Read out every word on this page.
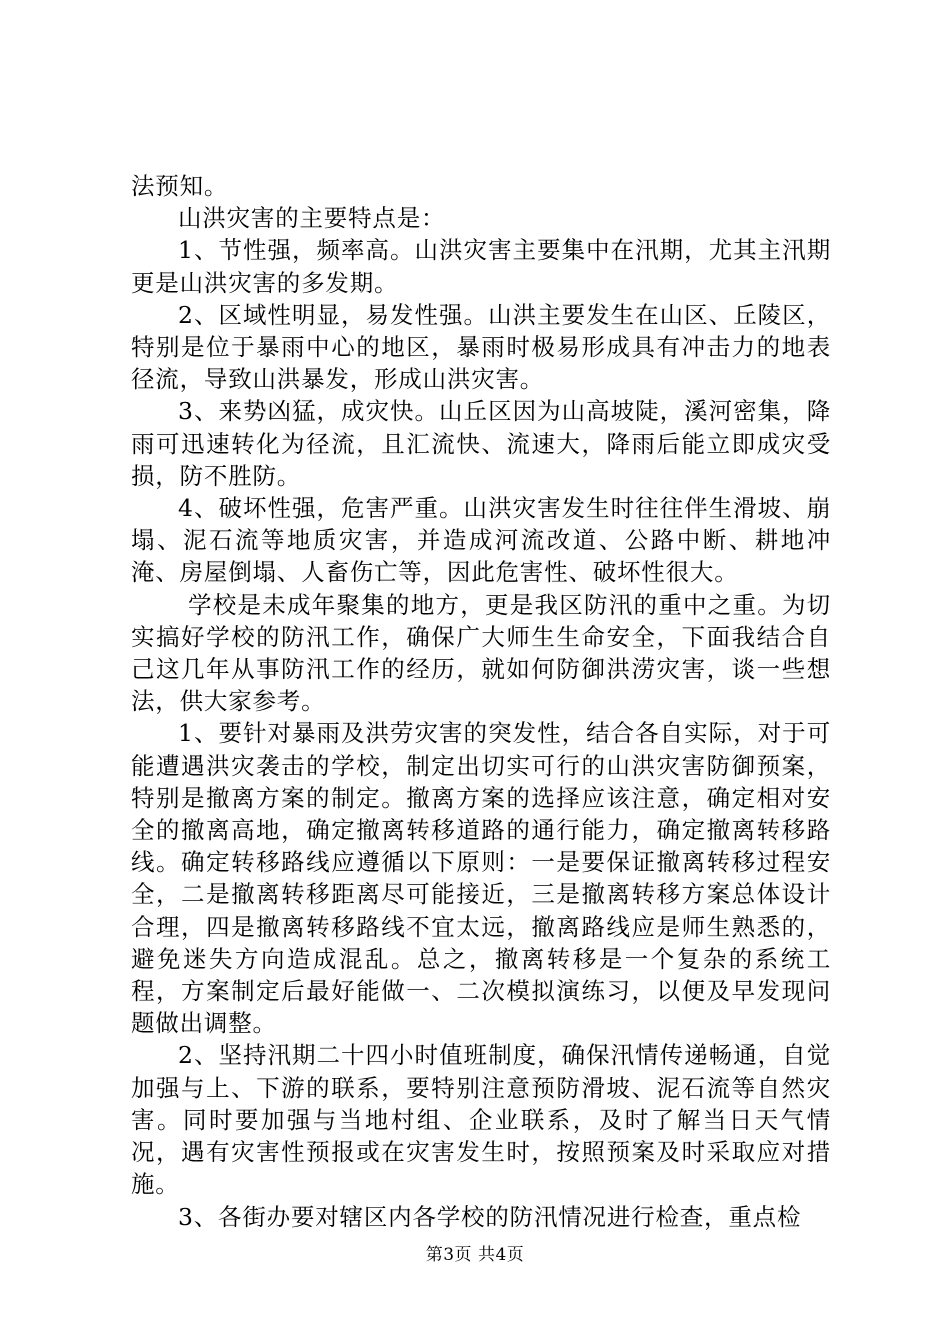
法预知。

山洪灾害的主要特点是：

1、节性强，频率高。山洪灾害主要集中在汛期，尤其主汛期更是山洪灾害的多发期。

2、区域性明显，易发性强。山洪主要发生在山区、丘陵区，特别是位于暴雨中心的地区，暴雨时极易形成具有冲击力的地表径流，导致山洪暴发，形成山洪灾害。

3、来势凶猛，成灾快。山丘区因为山高坡陡，溪河密集，降雨可迅速转化为径流，且汇流快、流速大，降雨后能立即成灾受损，防不胜防。

4、破坏性强，危害严重。山洪灾害发生时往往伴生滑坡、崩塌、泥石流等地质灾害，并造成河流改道、公路中断、耕地冲淹、房屋倒塌、人畜伤亡等，因此危害性、破坏性很大。

学校是未成年聚集的地方，更是我区防汛的重中之重。为切实搞好学校的防汛工作，确保广大师生生命安全，下面我结合自己这几年从事防汛工作的经历，就如何防御洪涝灾害，谈一些想法，供大家参考。

1、要针对暴雨及洪劳灾害的突发性，结合各自实际，对于可能遭遇洪灾袭击的学校，制定出切实可行的山洪灾害防御预案，特别是撤离方案的制定。撤离方案的选择应该注意，确定相对安全的撤离高地，确定撤离转移道路的通行能力，确定撤离转移路线。确定转移路线应遵循以下原则：一是要保证撤离转移过程安全，二是撤离转移距离尽可能接近，三是撤离转移方案总体设计合理，四是撤离转移路线不宜太远，撤离路线应是师生熟悉的，避免迷失方向造成混乱。总之，撤离转移是一个复杂的系统工程，方案制定后最好能做一、二次模拟演练习，以便及早发现问题做出调整。

2、坚持汛期二十四小时值班制度，确保汛情传递畅通，自觉加强与上、下游的联系，要特别注意预防滑坡、泥石流等自然灾害。同时要加强与当地村组、企业联系，及时了解当日天气情况，遇有灾害性预报或在灾害发生时，按照预案及时采取应对措施。

3、各街办要对辖区内各学校的防汛情况进行检查，重点检

第3页 共4页
